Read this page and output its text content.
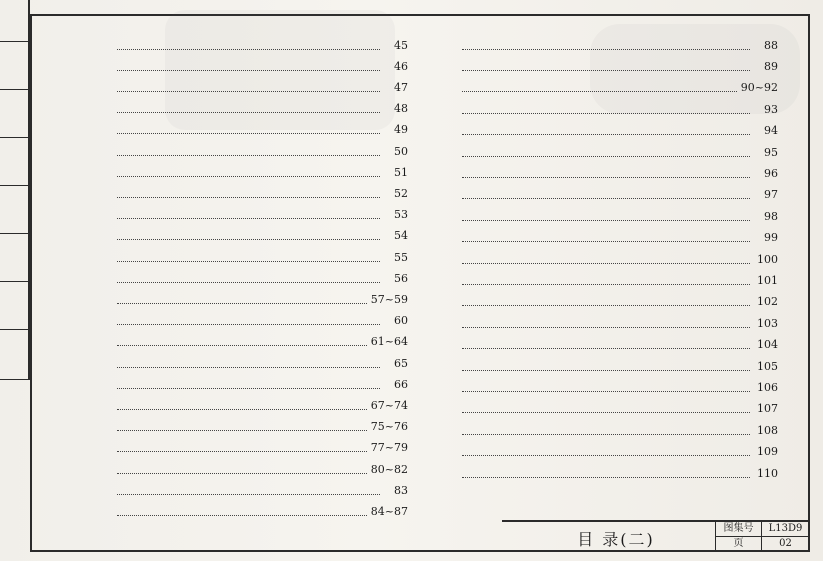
45
46
47
48
49
50
51
52
53
54
55
56
57~59
60
61~64
65
66
67~74
75~76
77~79
80~82
83
84~87
88
89
90~92
93
94
95
96
97
98
99
100
101
102
103
104
105
106
107
108
109
110
目 录(二)
图集号	L13D9
页	02
